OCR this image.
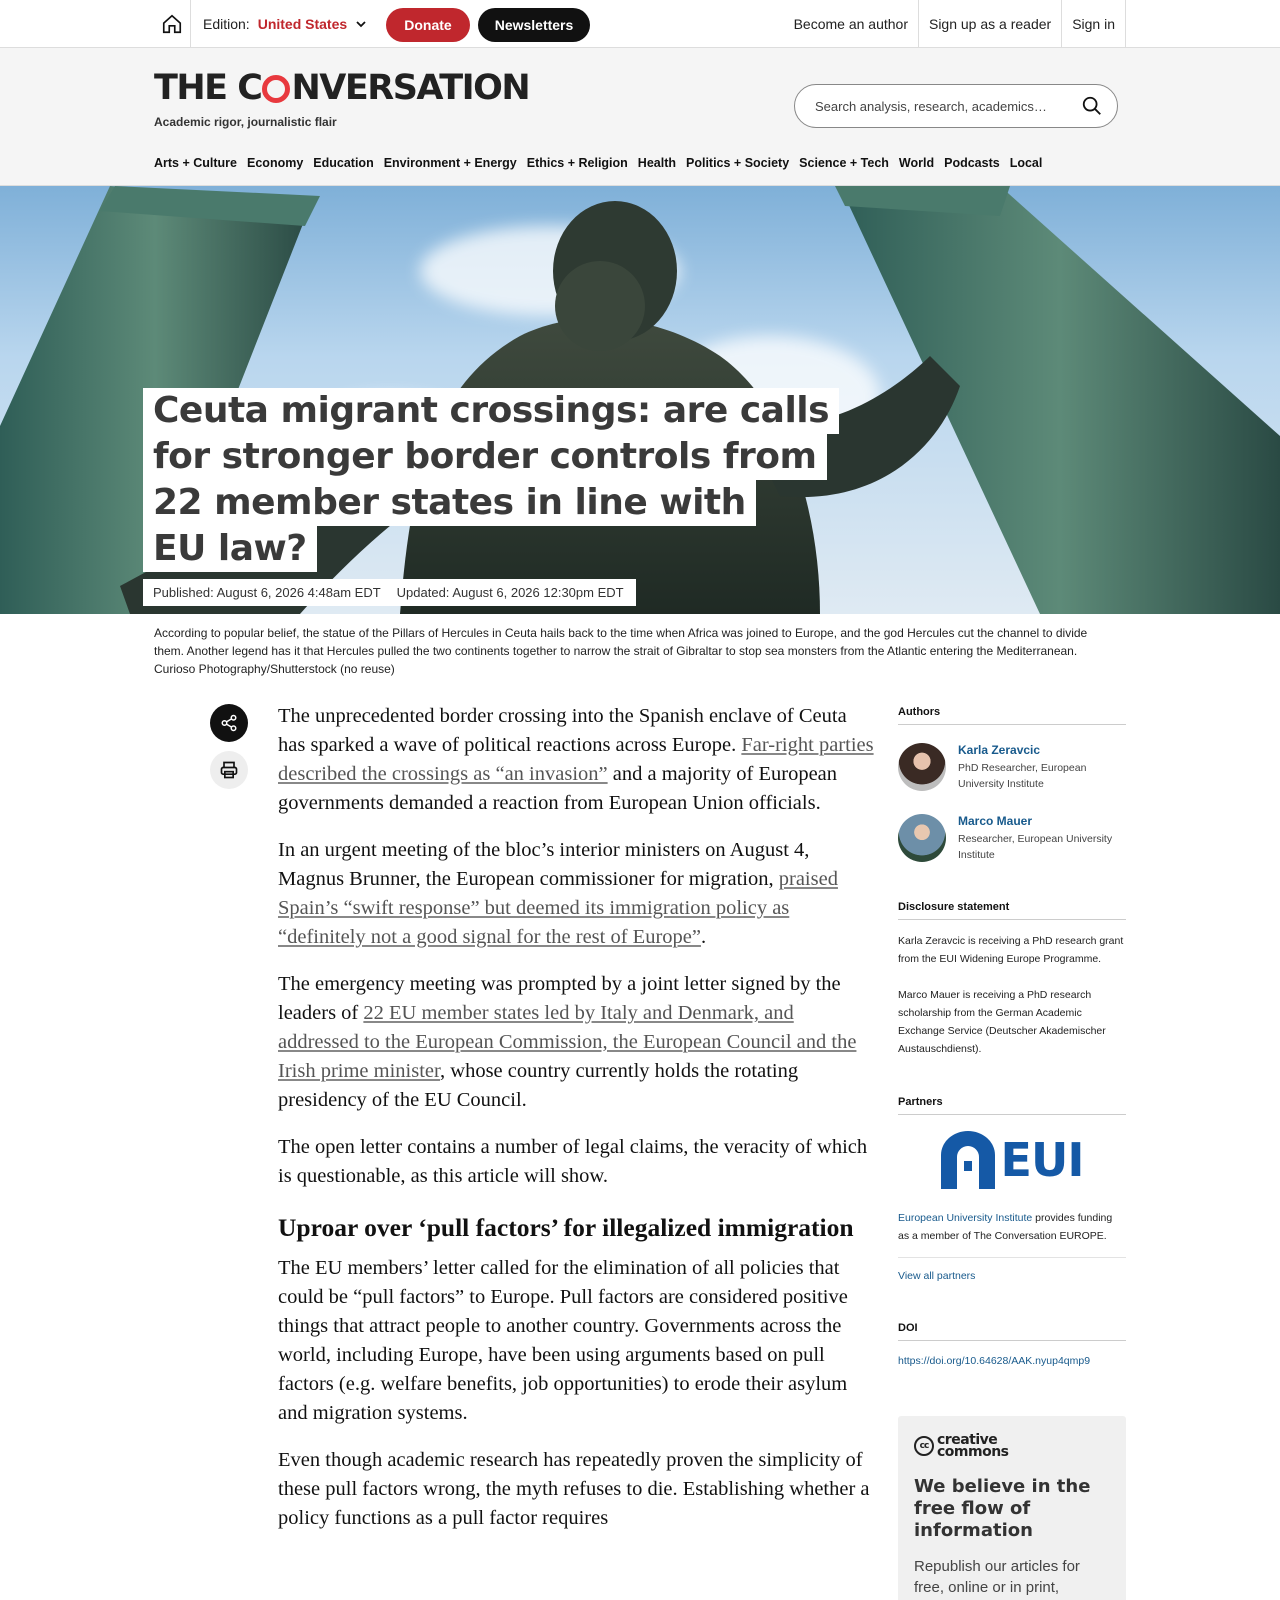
Edition: United States	Donate	Newsletters	Become an author	Sign up as a reader	Sign in
THE C NVERSATION
Academic rigor, journalistic flair
Search analysis, research, academics…
Arts + Culture Economy Education Environment + Energy Ethics + Religion Health Politics + Society Science + Tech World Podcasts Local
Ceuta migrant crossings: are calls
for stronger border controls from
22 member states in line with
EU law?
Published: August 6, 2026 4:48am EDT Updated: August 6, 2026 12:30pm EDT
According to popular belief, the statue of the Pillars of Hercules in Ceuta hails back to the time when Africa was joined to Europe, and the god Hercules cut the channel to divide them. Another legend has it that Hercules pulled the two continents together to narrow the strait of Gibraltar to stop sea monsters from the Atlantic entering the Mediterranean. Curioso Photography/Shutterstock (no reuse)

The unprecedented border crossing into the Spanish enclave of Ceuta has sparked a wave of political reactions across Europe. Far-right parties described the crossings as “an invasion” and a majority of European governments demanded a reaction from European Union officials.

In an urgent meeting of the bloc’s interior ministers on August 4, Magnus Brunner, the European commissioner for migration, praised Spain’s “swift response” but deemed its immigration policy as “definitely not a good signal for the rest of Europe”.

The emergency meeting was prompted by a joint letter signed by the leaders of 22 EU member states led by Italy and Denmark, and addressed to the European Commission, the European Council and the Irish prime minister, whose country currently holds the rotating presidency of the EU Council.

The open letter contains a number of legal claims, the veracity of which is questionable, as this article will show.

Uproar over ‘pull factors’ for illegalized immigration

The EU members’ letter called for the elimination of all policies that could be “pull factors” to Europe. Pull factors are considered positive things that attract people to another country. Governments across the world, including Europe, have been using arguments based on pull factors (e.g. welfare benefits, job opportunities) to erode their asylum and migration systems.

Even though academic research has repeatedly proven the simplicity of these pull factors wrong, the myth refuses to die. Establishing whether a policy functions as a pull factor requires

Authors
Karla Zeravcic
PhD Researcher, European University Institute
Marco Mauer
Researcher, European University Institute
Disclosure statement

Karla Zeravcic is receiving a PhD research grant from the EUI Widening Europe Programme.

Marco Mauer is receiving a PhD research scholarship from the German Academic Exchange Service (Deutscher Akademischer Austauschdienst).

Partners
EUI
European University Institute provides funding as a member of The Conversation EUROPE.
View all partners
DOI
https://doi.org/10.64628/AAK.nyup4qmp9
cc creative
commons
We believe in the free flow of information
Republish our articles for free, online or in print,
